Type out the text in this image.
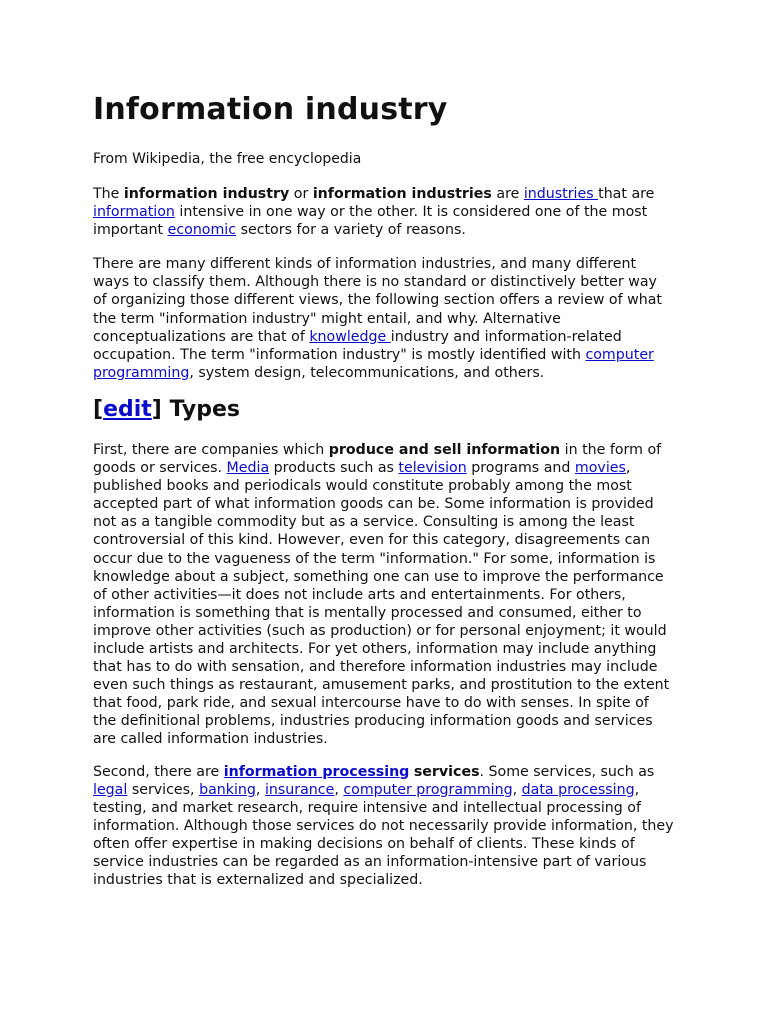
Information industry
From Wikipedia, the free encyclopedia

The information industry or information industries are industries that are information intensive in one way or the other. It is considered one of the most important economic sectors for a variety of reasons.

There are many different kinds of information industries, and many different ways to classify them. Although there is no standard or distinctively better way of organizing those different views, the following section offers a review of what the term "information industry" might entail, and why. Alternative conceptualizations are that of knowledge industry and information-related occupation. The term "information industry" is mostly identified with computer programming, system design, telecommunications, and others.

[edit] Types

First, there are companies which produce and sell information in the form of goods or services. Media products such as television programs and movies, published books and periodicals would constitute probably among the most accepted part of what information goods can be. Some information is provided not as a tangible commodity but as a service. Consulting is among the least controversial of this kind. However, even for this category, disagreements can occur due to the vagueness of the term "information." For some, information is knowledge about a subject, something one can use to improve the performance of other activities—it does not include arts and entertainments. For others, information is something that is mentally processed and consumed, either to improve other activities (such as production) or for personal enjoyment; it would include artists and architects. For yet others, information may include anything that has to do with sensation, and therefore information industries may include even such things as restaurant, amusement parks, and prostitution to the extent that food, park ride, and sexual intercourse have to do with senses. In spite of the definitional problems, industries producing information goods and services are called information industries.

Second, there are information processing services. Some services, such as legal services, banking, insurance, computer programming, data processing, testing, and market research, require intensive and intellectual processing of information. Although those services do not necessarily provide information, they often offer expertise in making decisions on behalf of clients. These kinds of service industries can be regarded as an information-intensive part of various industries that is externalized and specialized.
